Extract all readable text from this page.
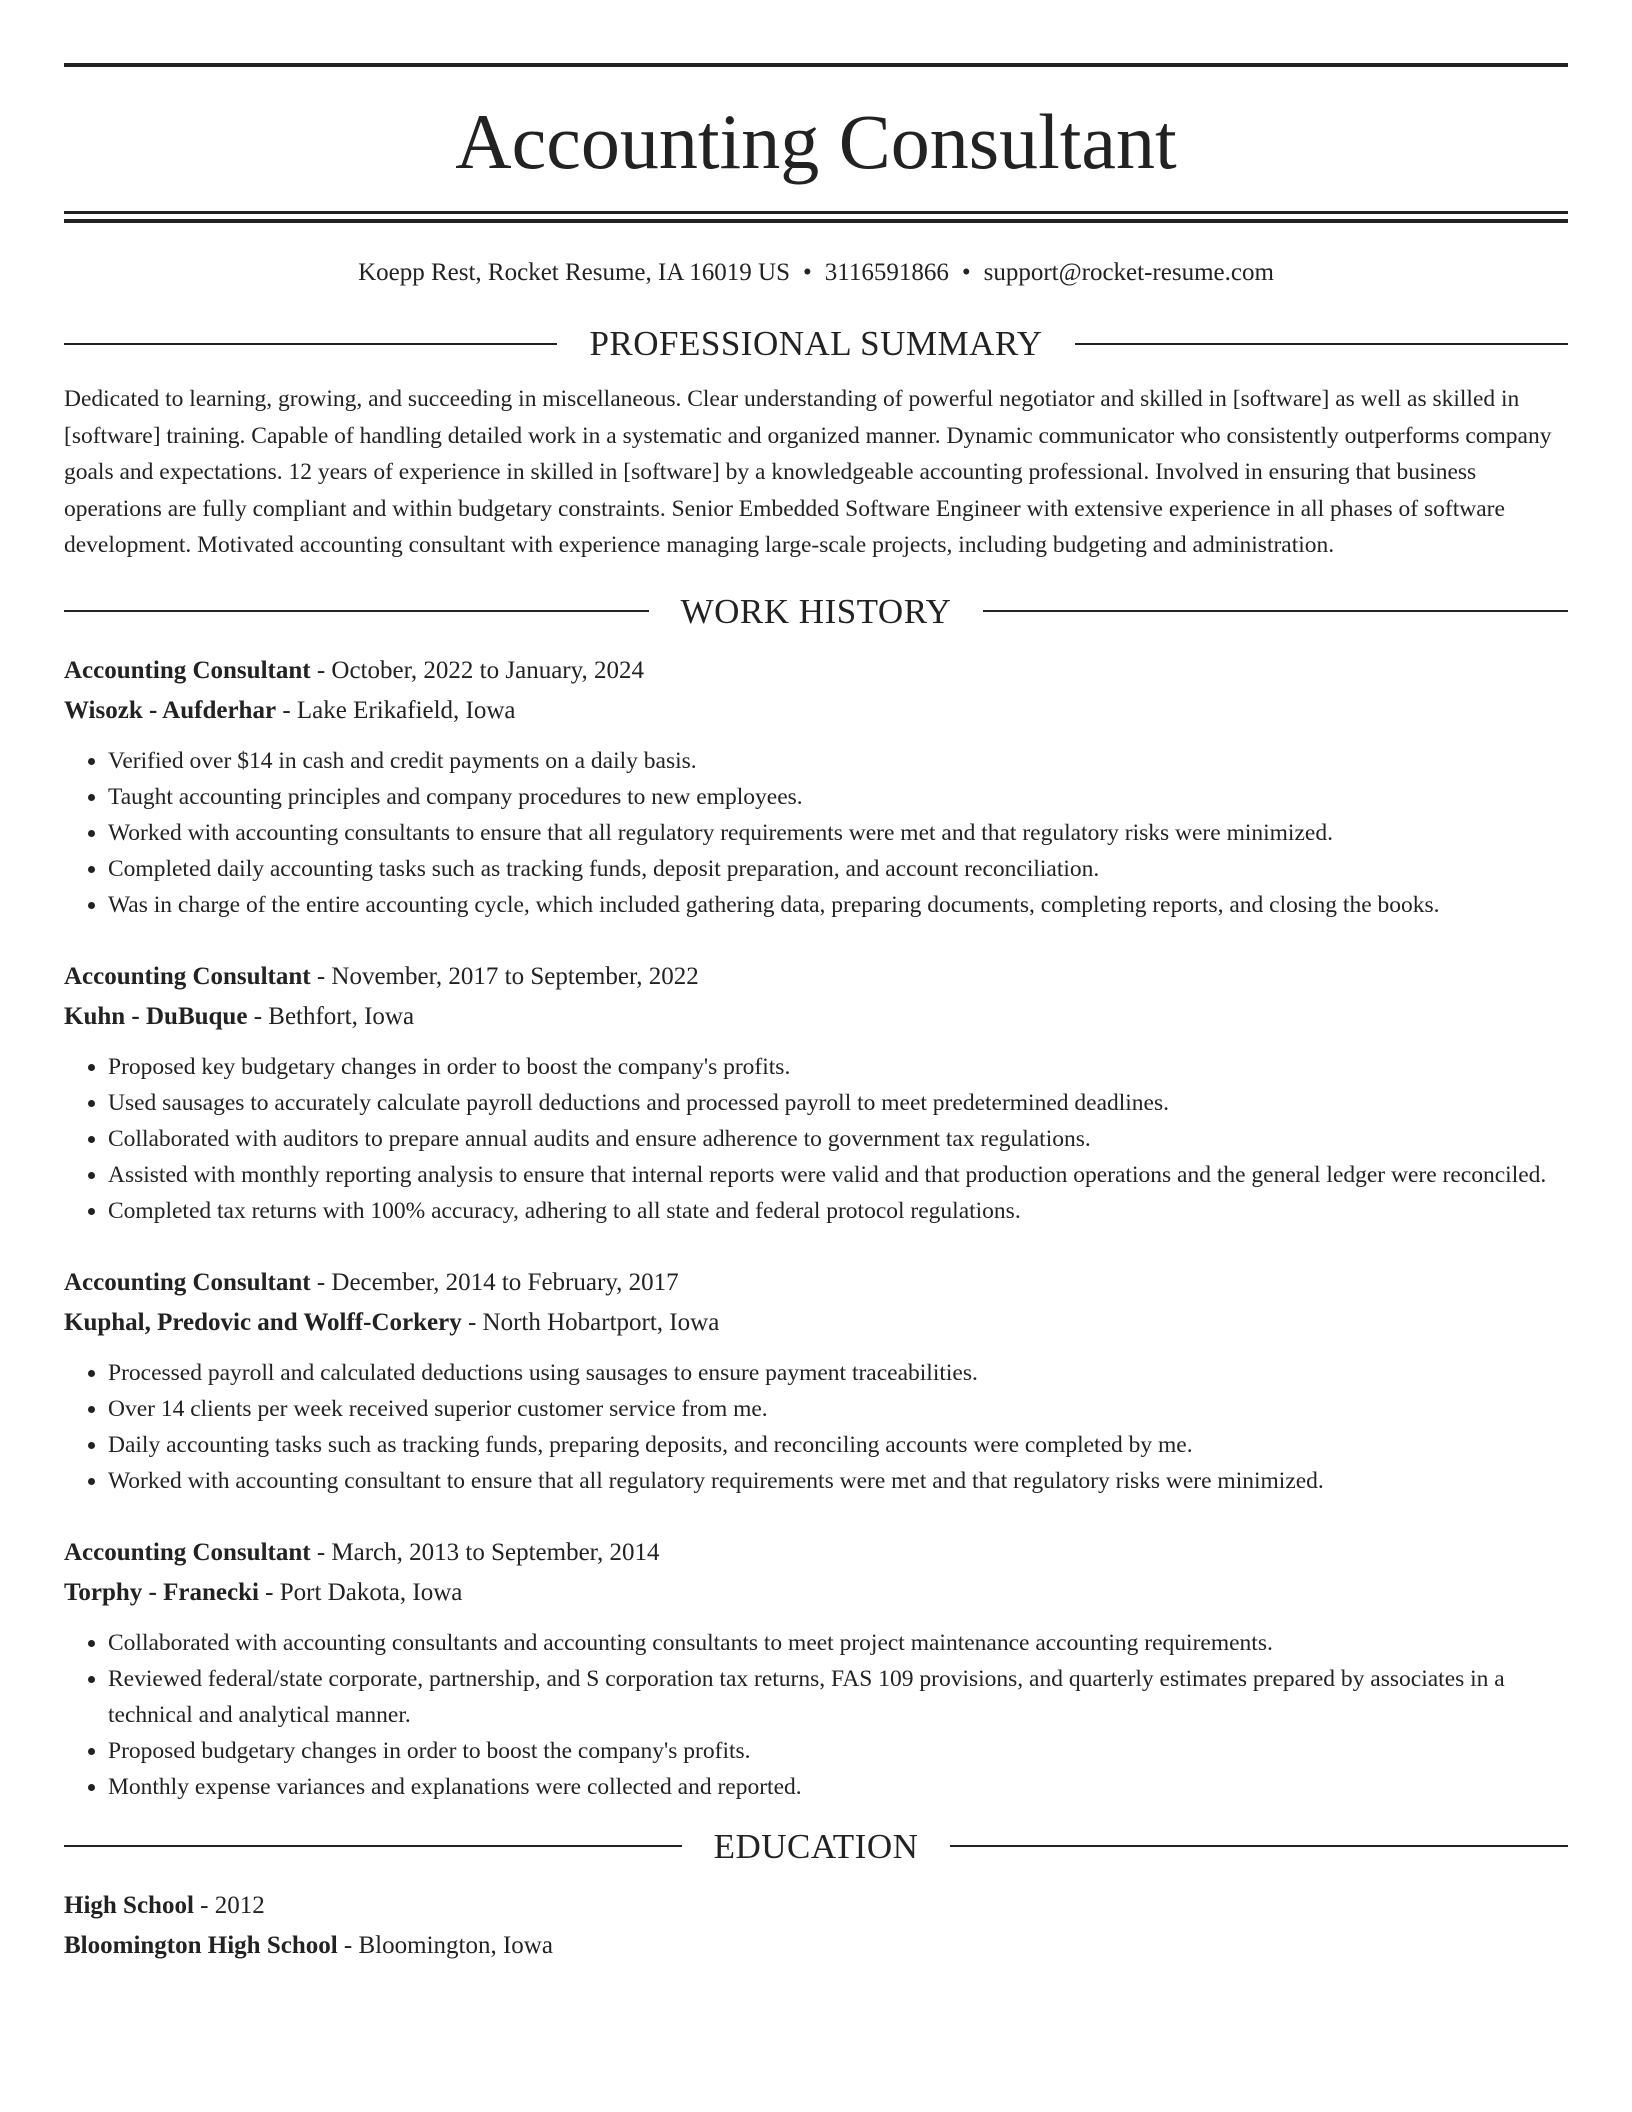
Accounting Consultant
Koepp Rest, Rocket Resume, IA 16019 US • 3116591866 • support@rocket-resume.com
PROFESSIONAL SUMMARY

Dedicated to learning, growing, and succeeding in miscellaneous. Clear understanding of powerful negotiator and skilled in [software] as well as skilled in [software] training. Capable of handling detailed work in a systematic and organized manner. Dynamic communicator who consistently outperforms company goals and expectations. 12 years of experience in skilled in [software] by a knowledgeable accounting professional. Involved in ensuring that business operations are fully compliant and within budgetary constraints. Senior Embedded Software Engineer with extensive experience in all phases of software development. Motivated accounting consultant with experience managing large-scale projects, including budgeting and administration.

WORK HISTORY
Accounting Consultant - October, 2022 to January, 2024
Wisozk - Aufderhar - Lake Erikafield, Iowa
• Verified over $14 in cash and credit payments on a daily basis.
• Taught accounting principles and company procedures to new employees.
• Worked with accounting consultants to ensure that all regulatory requirements were met and that regulatory risks were minimized.
• Completed daily accounting tasks such as tracking funds, deposit preparation, and account reconciliation.
• Was in charge of the entire accounting cycle, which included gathering data, preparing documents, completing reports, and closing the books.
Accounting Consultant - November, 2017 to September, 2022
Kuhn - DuBuque - Bethfort, Iowa
• Proposed key budgetary changes in order to boost the company's profits.
• Used sausages to accurately calculate payroll deductions and processed payroll to meet predetermined deadlines.
• Collaborated with auditors to prepare annual audits and ensure adherence to government tax regulations.
• Assisted with monthly reporting analysis to ensure that internal reports were valid and that production operations and the general ledger were reconciled.
• Completed tax returns with 100% accuracy, adhering to all state and federal protocol regulations.
Accounting Consultant - December, 2014 to February, 2017
Kuphal, Predovic and Wolff-Corkery - North Hobartport, Iowa
• Processed payroll and calculated deductions using sausages to ensure payment traceabilities.
• Over 14 clients per week received superior customer service from me.
• Daily accounting tasks such as tracking funds, preparing deposits, and reconciling accounts were completed by me.
• Worked with accounting consultant to ensure that all regulatory requirements were met and that regulatory risks were minimized.
Accounting Consultant - March, 2013 to September, 2014
Torphy - Franecki - Port Dakota, Iowa
• Collaborated with accounting consultants and accounting consultants to meet project maintenance accounting requirements.
• Reviewed federal/state corporate, partnership, and S corporation tax returns, FAS 109 provisions, and quarterly estimates prepared by associates in a technical and analytical manner.
• Proposed budgetary changes in order to boost the company's profits.
• Monthly expense variances and explanations were collected and reported.
EDUCATION
High School - 2012
Bloomington High School - Bloomington, Iowa
